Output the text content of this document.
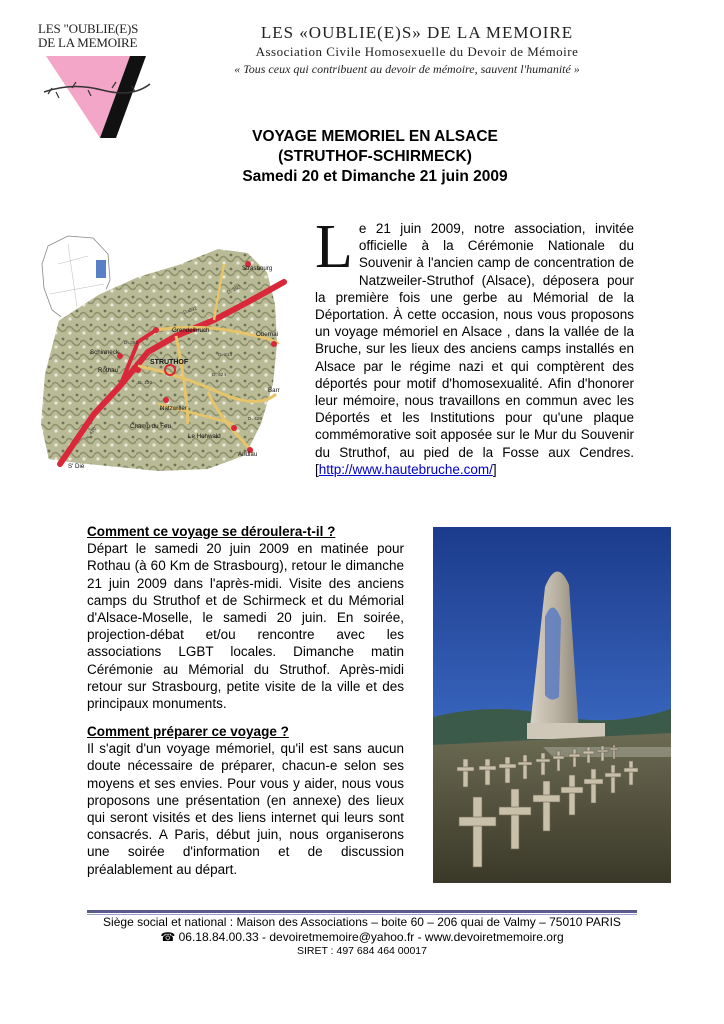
LES "OUBLIE(E)S
DE LA MEMOIRE
LES «OUBLIE(E)S» DE LA MEMOIRE
Association Civile Homosexuelle du Devoir de Mémoire
« Tous ceux qui contribuent au devoir de mémoire, sauvent l'humanité »
VOYAGE MEMORIEL EN ALSACE
(STRUTHOF-SCHIRMECK)
Samedi 20 et Dimanche 21 juin 2009
Strasbourg
Grendelbruch
Obernai
Schirmeck
Rothau
STRUTHOF
Natzwiller
Barr
Champ du Feu
Le Hohwald
Andlau
S' Dié
D. 392
D. 392
D. 392
D. 130
D. 214
D. 426
D. 424
N. 420
Le 21 juin 2009, notre association, invitée officielle à la Cérémonie Nationale du Souvenir à l'ancien camp de concentration de Natzweiler-Struthof (Alsace), déposera pour la première fois une gerbe au Mémorial de la Déportation. À cette occasion, nous vous proposons un voyage mémoriel en Alsace , dans la vallée de la Bruche, sur les lieux des anciens camps installés en Alsace par le régime nazi et qui comptèrent des déportés pour motif d'homosexualité. Afin d'honorer leur mémoire, nous travaillons en commun avec les Déportés et les Institutions pour qu'une plaque commémorative soit apposée sur le Mur du Souvenir du Struthof, au pied de la Fosse aux Cendres. [http://www.hautebruche.com/]
Comment ce voyage se déroulera-t-il ?
Départ le samedi 20 juin 2009 en matinée pour Rothau (à 60 Km de Strasbourg), retour le dimanche 21 juin 2009 dans l'après-midi. Visite des anciens camps du Struthof et de Schirmeck et du Mémorial d'Alsace-Moselle, le samedi 20 juin. En soirée, projection-débat et/ou rencontre avec les associations LGBT locales. Dimanche matin Cérémonie au Mémorial du Struthof. Après-midi retour sur Strasbourg, petite visite de la ville et des principaux monuments.
Comment préparer ce voyage ?
Il s'agit d'un voyage mémoriel, qu'il est sans aucun doute nécessaire de préparer, chacun-e selon ses moyens et ses envies. Pour vous y aider, nous vous proposons une présentation (en annexe) des lieux qui seront visités et des liens internet qui leurs sont consacrés. A Paris, début juin, nous organiserons une soirée d'information et de discussion préalablement au départ.
Siège social et national : Maison des Associations – boite 60 – 206 quai de Valmy – 75010 PARIS
☎ 06.18.84.00.33 - devoiretmemoire@yahoo.fr - www.devoiretmemoire.org
SIRET : 497 684 464 00017
